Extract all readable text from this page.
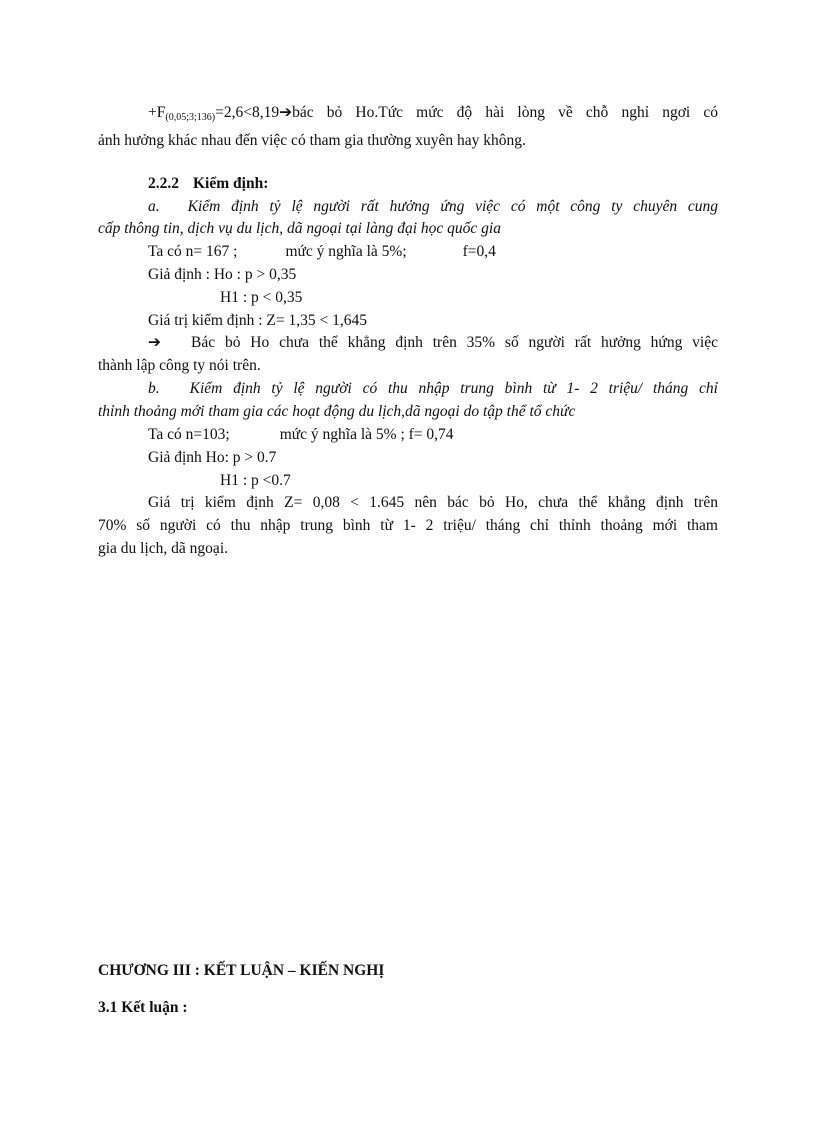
$+F_{(0,05;3;136)}=2,6<8,19➔bác$ bỏ Ho.Tức mức độ hài lòng về chỗ nghỉ ngơi có
ảnh hưởng khác nhau đến việc có tham gia thường xuyên hay không.
2.2.2 Kiểm định:
a. Kiểm định tỷ lệ người rất hưởng ứng việc có một công ty chuyên cung
cấp thông tin, dịch vụ du lịch, dã ngoại tại làng đại học quốc gia
Ta có n= 167 ;	mức ý nghĩa là 5%;	f=0,4
Giả định : Ho : p > 0,35
H1 : p < 0,35
Giá trị kiểm định : Z= 1,35 < 1,645
➔ Bác bỏ Ho chưa thể khẳng định trên 35% số người rất hưởng hứng việc
thành lập công ty nói trên.
b. Kiểm định tỷ lệ người có thu nhập trung bình từ 1- 2 triệu/ tháng chỉ
thỉnh thoảng mới tham gia các hoạt động du lịch,dã ngoại do tập thể tổ chức
Ta có n=103;	mức ý nghĩa là 5% ; f= 0,74
Giả định Ho: p > 0.7
H1 : p <0.7
Giá trị kiểm định Z= 0,08 < 1.645 nên bác bỏ Ho, chưa thể khẳng định trên
70% số người có thu nhập trung bình từ 1- 2 triệu/ tháng chỉ thỉnh thoảng mới tham
gia du lịch, dã ngoại.
CHƯƠNG III : KẾT LUẬN – KIẾN NGHỊ
3.1 Kết luận :
